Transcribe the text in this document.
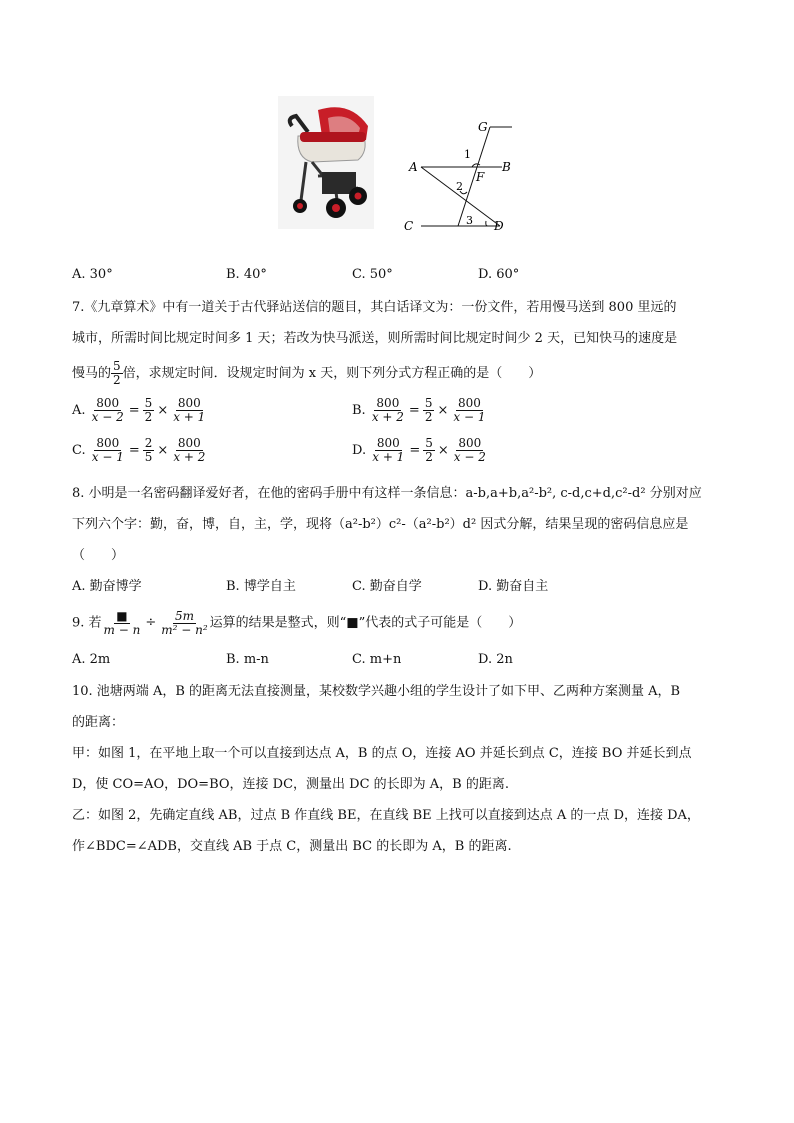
G
A	B
F
C	D
1
2
3
A. 30°	B. 40°	C. 50°	D. 60°
7.《九章算术》中有一道关于古代驿站送信的题目，其白话译文为：一份文件，若用慢马送到 800 里远的
城市，所需时间比规定时间多 1 天；若改为快马派送，则所需时间比规定时间少 2 天，已知快马的速度是
慢马的 $\frac{5}{2}$ 倍，求规定时间．设规定时间为 x 天，则下列分式方程正确的是（　　）
A. $\frac{800}{x - 2} = \frac{5}{2} \times \frac{800}{x + 1}$	B. $\frac{800}{x + 2} = \frac{5}{2} \times \frac{800}{x - 1}$
C. $\frac{800}{x - 1} = \frac{2}{5} \times \frac{800}{x + 2}$	D. $\frac{800}{x + 1} = \frac{5}{2} \times \frac{800}{x - 2}$
8. 小明是一名密码翻译爱好者，在他的密码手册中有这样一条信息：a-b,a+b,a²-b², c-d,c+d,c²-d² 分别对应
下列六个字：勤，奋，博，自，主，学，现将（a²-b²）c²-（a²-b²）d² 因式分解，结果呈现的密码信息应是
（　　）
A. 勤奋博学	B. 博学自主	C. 勤奋自学	D. 勤奋自主
9. 若 $\frac{■}{m - n} \div \frac{5m}{\text{m² − n²}}$ 运算的结果是整式，则“■”代表的式子可能是（　　）
A. 2m	B. m-n	C. m+n	D. 2n
10. 池塘两端 A，B 的距离无法直接测量，某校数学兴趣小组的学生设计了如下甲、乙两种方案测量 A，B
的距离：
甲：如图 1，在平地上取一个可以直接到达点 A，B 的点 O，连接 AO 并延长到点 C，连接 BO 并延长到点
D，使 CO=AO，DO=BO，连接 DC，测量出 DC 的长即为 A，B 的距离.
乙：如图 2，先确定直线 AB，过点 B 作直线 BE，在直线 BE 上找可以直接到达点 A 的一点 D，连接 DA，
作∠BDC=∠ADB，交直线 AB 于点 C，测量出 BC 的长即为 A，B 的距离.
